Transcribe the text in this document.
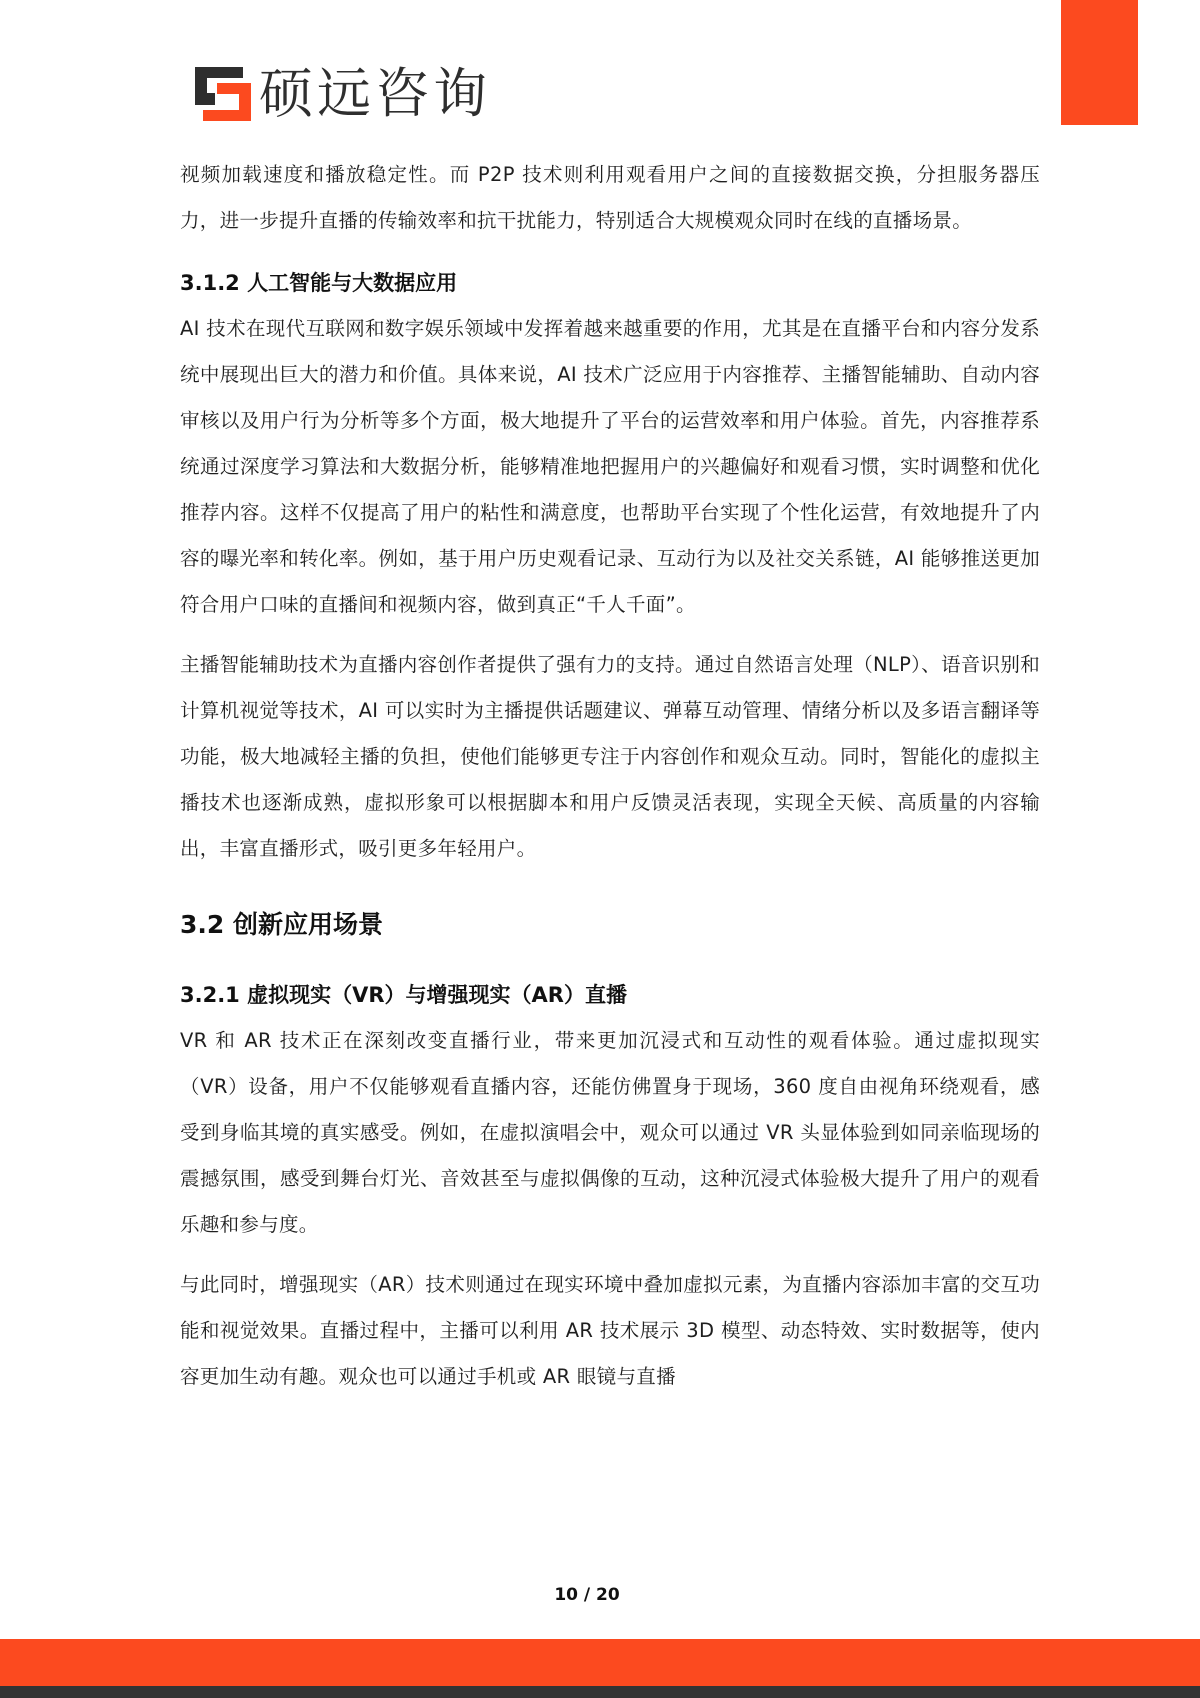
硕远咨询

视频加载速度和播放稳定性。而 P2P 技术则利用观看用户之间的直接数据交换，分担服务器压力，进一步提升直播的传输效率和抗干扰能力，特别适合大规模观众同时在线的直播场景。

3.1.2 人工智能与大数据应用

AI 技术在现代互联网和数字娱乐领域中发挥着越来越重要的作用，尤其是在直播平台和内容分发系统中展现出巨大的潜力和价值。具体来说，AI 技术广泛应用于内容推荐、主播智能辅助、自动内容审核以及用户行为分析等多个方面，极大地提升了平台的运营效率和用户体验。首先，内容推荐系统通过深度学习算法和大数据分析，能够精准地把握用户的兴趣偏好和观看习惯，实时调整和优化推荐内容。这样不仅提高了用户的粘性和满意度，也帮助平台实现了个性化运营，有效地提升了内容的曝光率和转化率。例如，基于用户历史观看记录、互动行为以及社交关系链，AI 能够推送更加符合用户口味的直播间和视频内容，做到真正“千人千面”。

主播智能辅助技术为直播内容创作者提供了强有力的支持。通过自然语言处理（NLP）、语音识别和计算机视觉等技术，AI 可以实时为主播提供话题建议、弹幕互动管理、情绪分析以及多语言翻译等功能，极大地减轻主播的负担，使他们能够更专注于内容创作和观众互动。同时，智能化的虚拟主播技术也逐渐成熟，虚拟形象可以根据脚本和用户反馈灵活表现，实现全天候、高质量的内容输出，丰富直播形式，吸引更多年轻用户。

3.2 创新应用场景
3.2.1 虚拟现实（VR）与增强现实（AR）直播

VR 和 AR 技术正在深刻改变直播行业，带来更加沉浸式和互动性的观看体验。通过虚拟现实（VR）设备，用户不仅能够观看直播内容，还能仿佛置身于现场，360 度自由视角环绕观看，感受到身临其境的真实感受。例如，在虚拟演唱会中，观众可以通过 VR 头显体验到如同亲临现场的震撼氛围，感受到舞台灯光、音效甚至与虚拟偶像的互动，这种沉浸式体验极大提升了用户的观看乐趣和参与度。

与此同时，增强现实（AR）技术则通过在现实环境中叠加虚拟元素，为直播内容添加丰富的交互功能和视觉效果。直播过程中，主播可以利用 AR 技术展示 3D 模型、动态特效、实时数据等，使内容更加生动有趣。观众也可以通过手机或 AR 眼镜与直播

10 / 20
